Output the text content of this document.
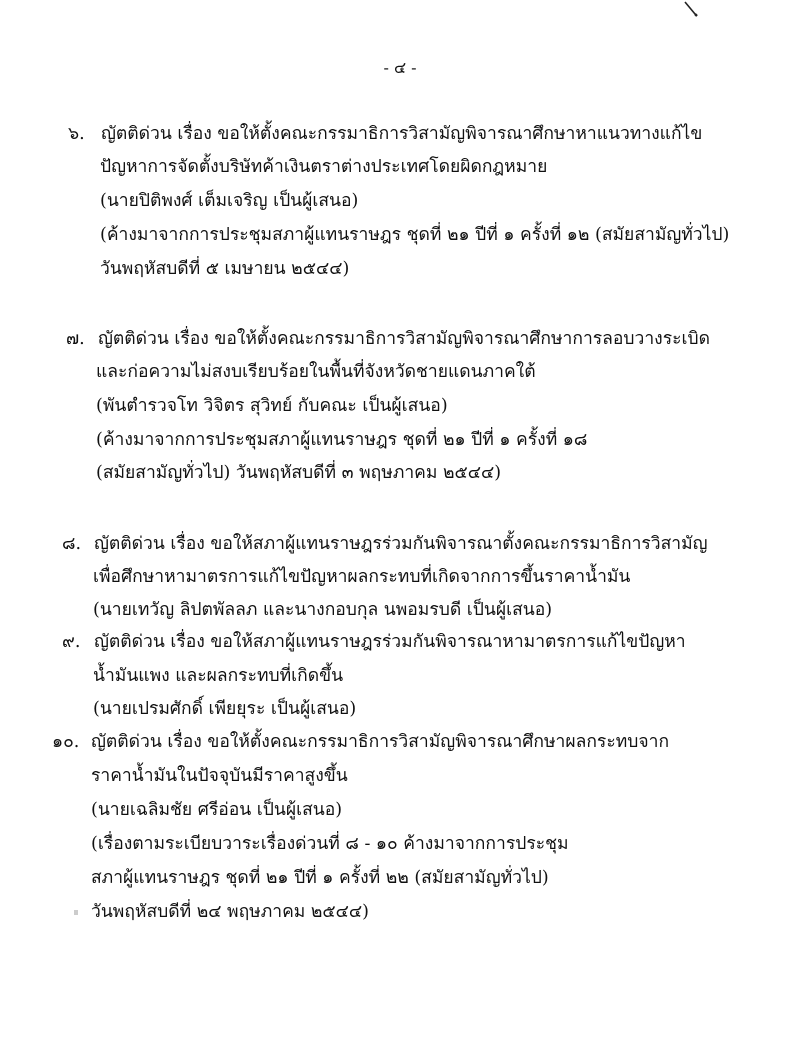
- ๔ -
๖. ญัตติด่วน เรื่อง ขอให้ตั้งคณะกรรมาธิการวิสามัญพิจารณาศึกษาหาแนวทางแก้ไข
ปัญหาการจัดตั้งบริษัทค้าเงินตราต่างประเทศโดยผิดกฎหมาย
(นายปิติพงศ์ เต็มเจริญ เป็นผู้เสนอ)
(ค้างมาจากการประชุมสภาผู้แทนราษฎร ชุดที่ ๒๑ ปีที่ ๑ ครั้งที่ ๑๒ (สมัยสามัญทั่วไป)
วันพฤหัสบดีที่ ๕ เมษายน ๒๕๔๔)
๗. ญัตติด่วน เรื่อง ขอให้ตั้งคณะกรรมาธิการวิสามัญพิจารณาศึกษาการลอบวางระเบิด
และก่อความไม่สงบเรียบร้อยในพื้นที่จังหวัดชายแดนภาคใต้
(พันตำรวจโท วิจิตร สุวิทย์ กับคณะ เป็นผู้เสนอ)
(ค้างมาจากการประชุมสภาผู้แทนราษฎร ชุดที่ ๒๑ ปีที่ ๑ ครั้งที่ ๑๘
(สมัยสามัญทั่วไป) วันพฤหัสบดีที่ ๓ พฤษภาคม ๒๕๔๔)
๘. ญัตติด่วน เรื่อง ขอให้สภาผู้แทนราษฎรร่วมกันพิจารณาตั้งคณะกรรมาธิการวิสามัญ
เพื่อศึกษาหามาตรการแก้ไขปัญหาผลกระทบที่เกิดจากการขึ้นราคาน้ำมัน
(นายเทวัญ ลิปตพัลลภ และนางกอบกุล นพอมรบดี เป็นผู้เสนอ)
๙. ญัตติด่วน เรื่อง ขอให้สภาผู้แทนราษฎรร่วมกันพิจารณาหามาตรการแก้ไขปัญหา
น้ำมันแพง และผลกระทบที่เกิดขึ้น
(นายเปรมศักดิ์ เพียยุระ เป็นผู้เสนอ)
๑๐. ญัตติด่วน เรื่อง ขอให้ตั้งคณะกรรมาธิการวิสามัญพิจารณาศึกษาผลกระทบจาก
ราคาน้ำมันในปัจจุบันมีราคาสูงขึ้น
(นายเฉลิมชัย ศรีอ่อน เป็นผู้เสนอ)
(เรื่องตามระเบียบวาระเรื่องด่วนที่ ๘ - ๑๐ ค้างมาจากการประชุม
สภาผู้แทนราษฎร ชุดที่ ๒๑ ปีที่ ๑ ครั้งที่ ๒๒ (สมัยสามัญทั่วไป)
วันพฤหัสบดีที่ ๒๔ พฤษภาคม ๒๕๔๔)
